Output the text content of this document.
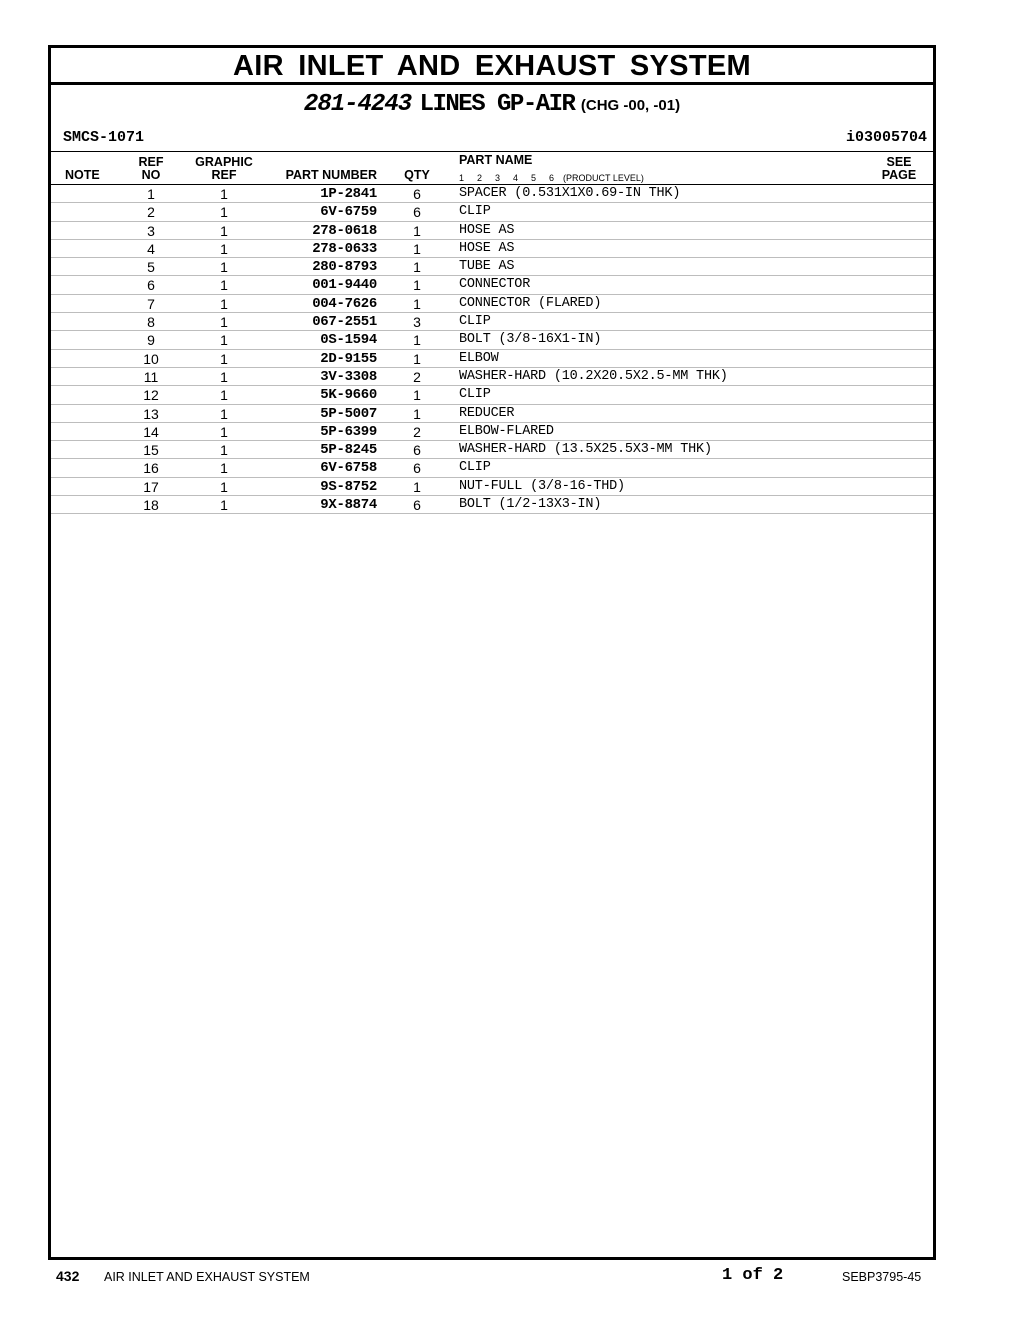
AIR INLET AND EXHAUST SYSTEM
281-4243 LINES GP-AIR (CHG -00, -01)
SMCS-1071	i03005704
NOTE
REF
NO
GRAPHIC
REF	PART NUMBER	QTY
PART NAME
1 2 3 4 5 6 (PRODUCT LEVEL)
SEE
PAGE
1	1	1P-2841	6	SPACER (0.531X1X0.69-IN THK)
2	1	6V-6759	6	CLIP
3	1	278-0618	1	HOSE AS
4	1	278-0633	1	HOSE AS
5	1	280-8793	1	TUBE AS
6	1	001-9440	1	CONNECTOR
7	1	004-7626	1	CONNECTOR (FLARED)
8	1	067-2551	3	CLIP
9	1	0S-1594	1	BOLT (3/8-16X1-IN)
10	1	2D-9155	1	ELBOW
11	1	3V-3308	2	WASHER-HARD (10.2X20.5X2.5-MM THK)
12	1	5K-9660	1	CLIP
13	1	5P-5007	1	REDUCER
14	1	5P-6399	2	ELBOW-FLARED
15	1	5P-8245	6	WASHER-HARD (13.5X25.5X3-MM THK)
16	1	6V-6758	6	CLIP
17	1	9S-8752	1	NUT-FULL (3/8-16-THD)
18	1	9X-8874	6	BOLT (1/2-13X3-IN)
432 AIR INLET AND EXHAUST SYSTEM	1 of 2	SEBP3795-45
